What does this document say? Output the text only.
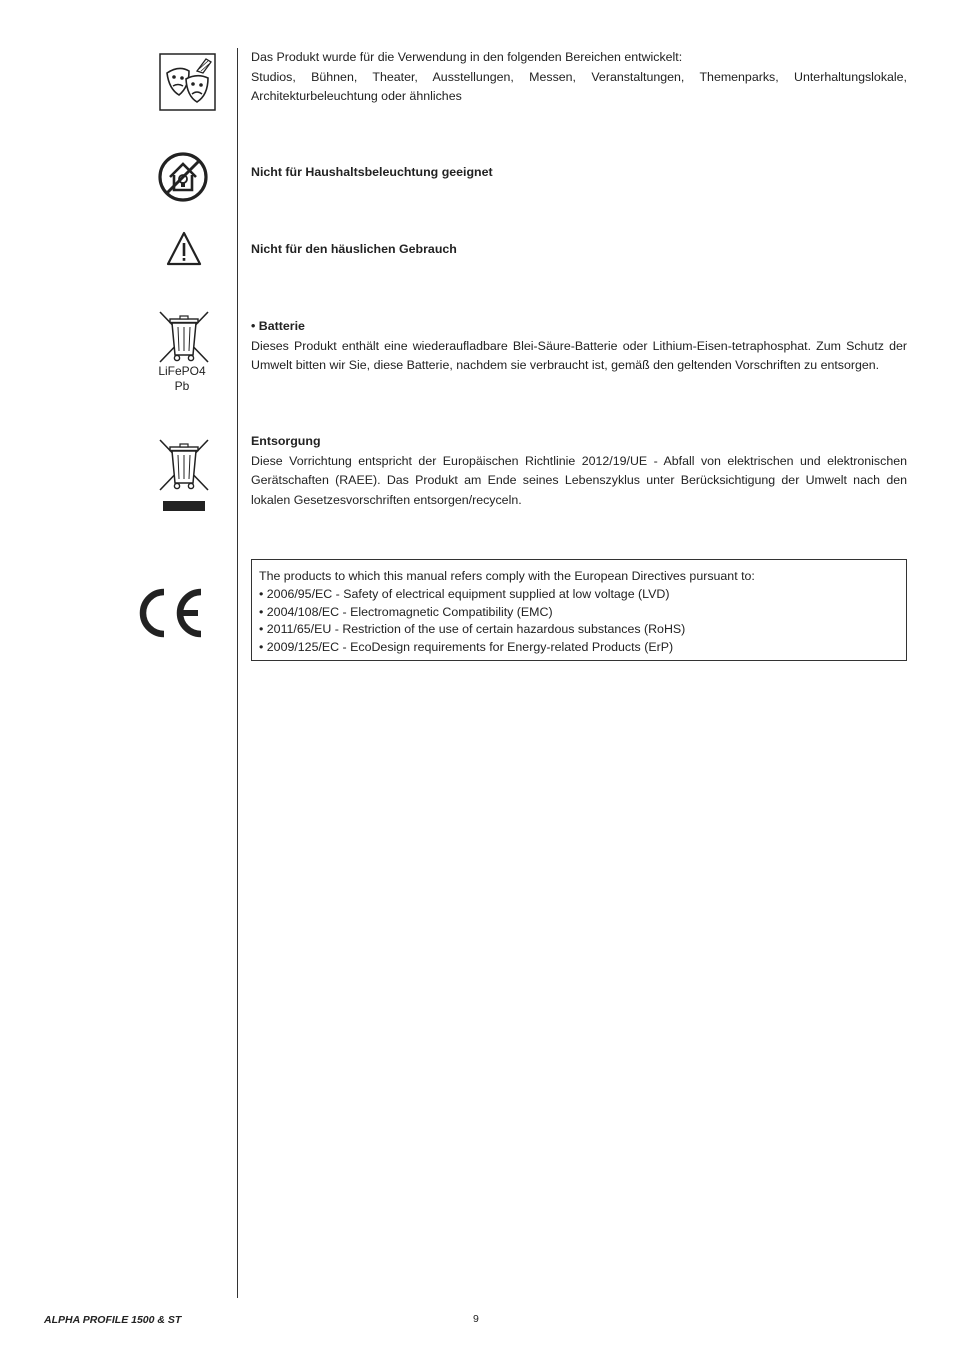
Das Produkt wurde für die Verwendung in den folgenden Bereichen entwickelt:

Studios, Bühnen, Theater, Ausstellungen, Messen, Veranstaltungen, Themenparks, Unterhaltungslokale, Architekturbeleuchtung oder ähnliches

Nicht für Haushaltsbeleuchtung geeignet

Nicht für den häuslichen Gebrauch

LiFePO4
Pb

• Batterie

Dieses Produkt enthält eine wiederaufladbare Blei-Säure-Batterie oder Lithium-Eisen-tetraphosphat. Zum Schutz der Umwelt bitten wir Sie, diese Batterie, nachdem sie verbraucht ist, gemäß den geltenden Vorschriften zu entsorgen.

Entsorgung

Diese Vorrichtung entspricht der Europäischen Richtlinie 2012/19/UE - Abfall von elektrischen und elektronischen Gerätschaften (RAEE). Das Produkt am Ende seines Lebenszyklus unter Berücksichtigung der Umwelt nach den lokalen Gesetzesvorschriften entsorgen/recyceln.

The products to which this manual refers comply with the European Directives pursuant to:

• 2006/95/EC - Safety of electrical equipment supplied at low voltage (LVD)

• 2004/108/EC - Electromagnetic Compatibility (EMC)

• 2011/65/EU - Restriction of the use of certain hazardous substances (RoHS)

• 2009/125/EC - EcoDesign requirements for Energy-related Products (ErP)

ALPHA PROFILE 1500 & ST	9
